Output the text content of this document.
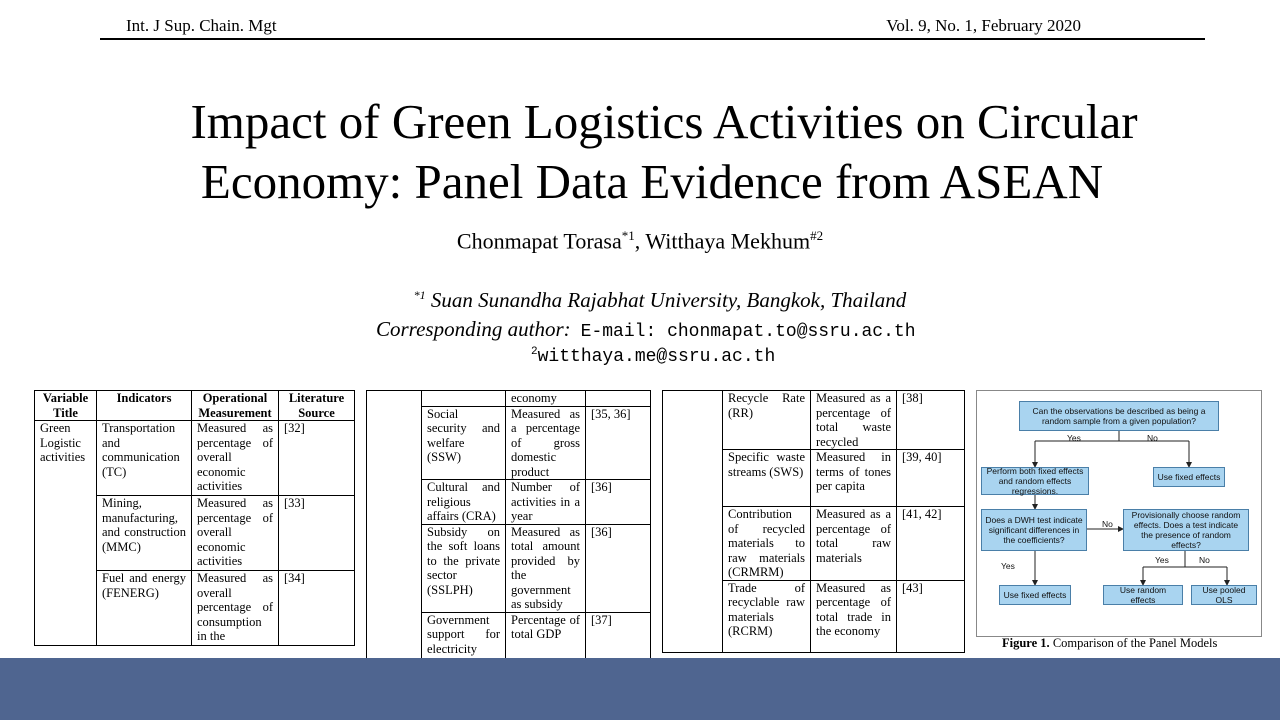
Int. J Sup. Chain. Mgt	Vol. 9, No. 1, February 2020
Impact of Green Logistics Activities on Circular
Economy: Panel Data Evidence from ASEAN
Chonmapat Torasa$^{*1}$, Witthaya Mekhum$^{\#2}$
$^{*1}$ Suan Sunandha Rajabhat University, Bangkok, Thailand
Corresponding author: E-mail: chonmapat.to@ssru.ac.th
$^2$witthaya.me@ssru.ac.th
Variable Title	Indicators	Operational Measurement	Literature Source
Green Logistic activities	Transportation and communication (TC)	Measured as percentage of overall economic activities	[32]
	Mining, manufacturing, and construction (MMC)	Measured as percentage of overall economic activities	[33]
	Fuel and energy (FENERG)	Measured as overall percentage of consumption in the	[34]
		economy	
	Social security and welfare (SSW)	Measured as a percentage of gross domestic product	[35, 36]
	Cultural and religious affairs (CRA)	Number of activities in a year	[36]
	Subsidy on the soft loans to the private sector (SSLPH)	Measured as total amount provided by the government as subsidy	[36]
	Government support for electricity	Percentage of total GDP	[37]
	Recycle Rate (RR)	Measured as a percentage of total waste recycled	[38]
	Specific waste streams (SWS)	Measured in terms of tones per capita	[39, 40]
	Contribution of recycled materials to raw materials (CRMRM)	Measured as a percentage of total raw materials	[41, 42]
	Trade of recyclable raw materials (RCRM)	Measured as percentage of total trade in the economy	[43]
Can the observations be described as being a random sample from a given population?
Yes	No
Perform both fixed effects and random effects regressions.
Use fixed effects
Does a DWH test indicate significant differences in the coefficients?
No
Provisionally choose random effects. Does a test indicate the presence of random effects?
Yes
Yes	No
Use fixed effects	Use random effects
Use pooled OLS
Figure 1. Comparison of the Panel Models
